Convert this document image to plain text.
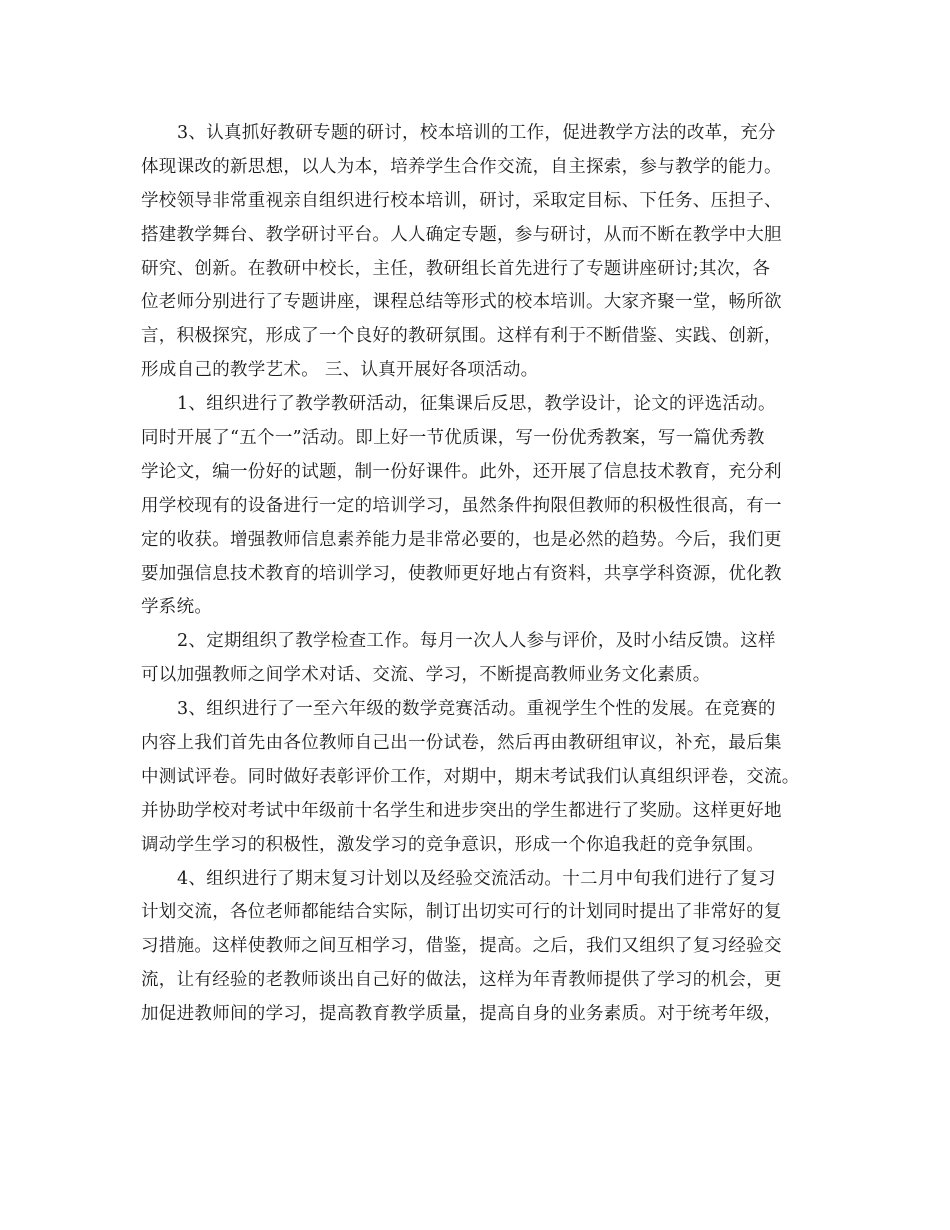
3、认真抓好教研专题的研讨，校本培训的工作，促进教学方法的改革，充分
体现课改的新思想，以人为本，培养学生合作交流，自主探索，参与教学的能力。
学校领导非常重视亲自组织进行校本培训，研讨，采取定目标、下任务、压担子、
搭建教学舞台、教学研讨平台。人人确定专题，参与研讨，从而不断在教学中大胆
研究、创新。在教研中校长，主任，教研组长首先进行了专题讲座研讨;其次，各
位老师分别进行了专题讲座，课程总结等形式的校本培训。大家齐聚一堂，畅所欲
言，积极探究，形成了一个良好的教研氛围。这样有利于不断借鉴、实践、创新，
形成自己的教学艺术。 三、认真开展好各项活动。
1、组织进行了教学教研活动，征集课后反思，教学设计，论文的评选活动。
同时开展了“五个一”活动。即上好一节优质课，写一份优秀教案，写一篇优秀教
学论文，编一份好的试题，制一份好课件。此外，还开展了信息技术教育，充分利
用学校现有的设备进行一定的培训学习，虽然条件拘限但教师的积极性很高，有一
定的收获。增强教师信息素养能力是非常必要的，也是必然的趋势。今后，我们更
要加强信息技术教育的培训学习，使教师更好地占有资料，共享学科资源，优化教
学系统。
2、定期组织了教学检查工作。每月一次人人参与评价，及时小结反馈。这样
可以加强教师之间学术对话、交流、学习，不断提高教师业务文化素质。
3、组织进行了一至六年级的数学竞赛活动。重视学生个性的发展。在竞赛的
内容上我们首先由各位教师自己出一份试卷，然后再由教研组审议，补充，最后集
中测试评卷。同时做好表彰评价工作，对期中，期末考试我们认真组织评卷，交流。
并协助学校对考试中年级前十名学生和进步突出的学生都进行了奖励。这样更好地
调动学生学习的积极性，激发学习的竞争意识，形成一个你追我赶的竞争氛围。
4、组织进行了期末复习计划以及经验交流活动。十二月中旬我们进行了复习
计划交流，各位老师都能结合实际，制订出切实可行的计划同时提出了非常好的复
习措施。这样使教师之间互相学习，借鉴，提高。之后，我们又组织了复习经验交
流，让有经验的老教师谈出自己好的做法，这样为年青教师提供了学习的机会，更
加促进教师间的学习，提高教育教学质量，提高自身的业务素质。对于统考年级，
